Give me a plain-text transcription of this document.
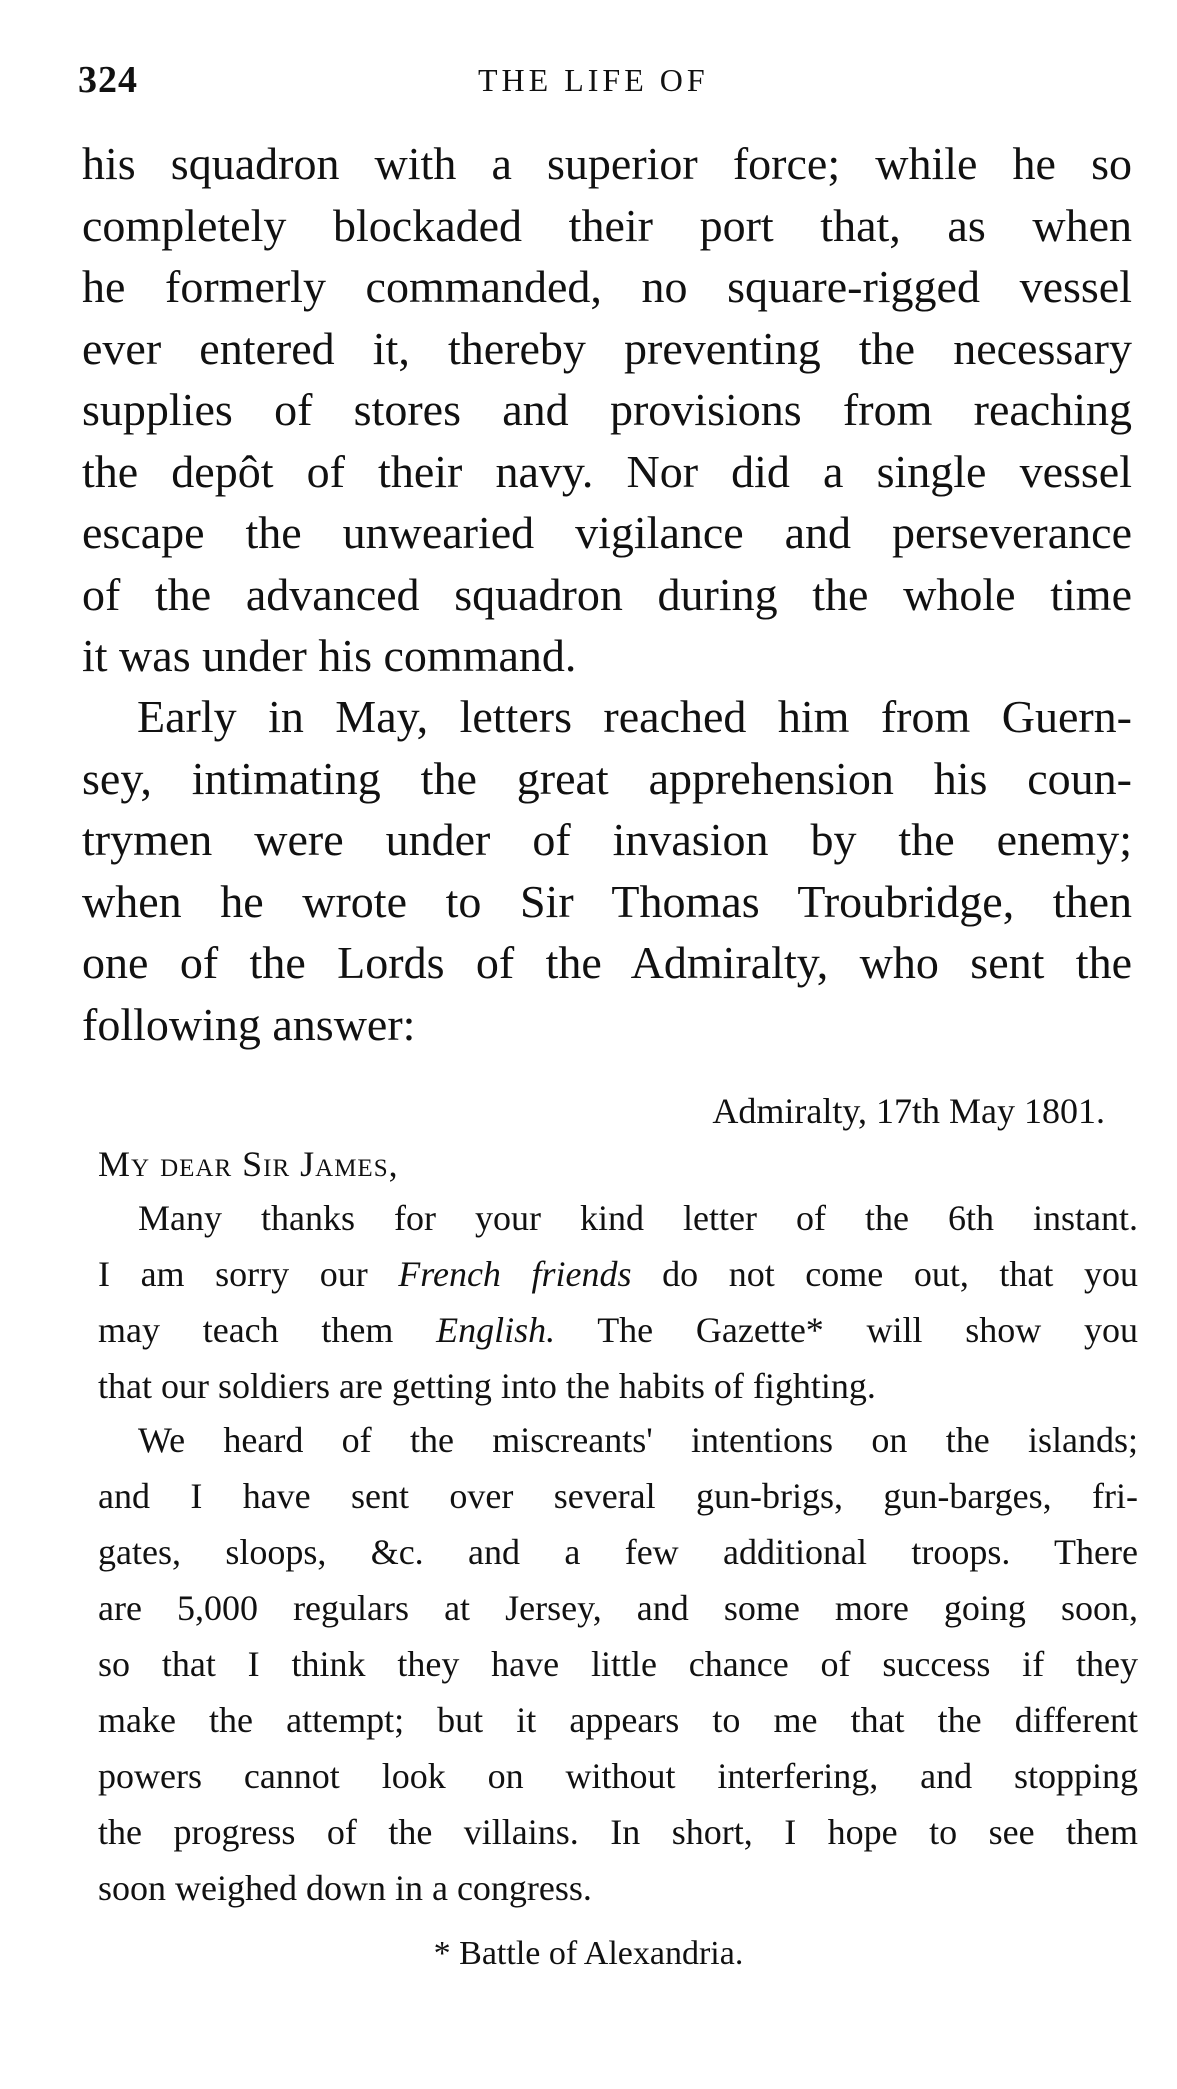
324	THE LIFE OF

his squadron with a superior force; while he so

completely blockaded their port that, as when

he formerly commanded, no square-rigged vessel

ever entered it, thereby preventing the necessary

supplies of stores and provisions from reaching

the depôt of their navy. Nor did a single vessel

escape the unwearied vigilance and perseverance

of the advanced squadron during the whole time

it was under his command.

Early in May, letters reached him from Guern-

sey, intimating the great apprehension his coun-

trymen were under of invasion by the enemy;

when he wrote to Sir Thomas Troubridge, then

one of the Lords of the Admiralty, who sent the

following answer:

Admiralty, 17th May 1801.
My dear Sir James,

Many thanks for your kind letter of the 6th instant.

I am sorry our French friends do not come out, that you

may teach them English. The Gazette* will show you

that our soldiers are getting into the habits of fighting.

We heard of the miscreants' intentions on the islands;

and I have sent over several gun-brigs, gun-barges, fri-

gates, sloops, &c. and a few additional troops. There

are 5,000 regulars at Jersey, and some more going soon,

so that I think they have little chance of success if they

make the attempt; but it appears to me that the different

powers cannot look on without interfering, and stopping

the progress of the villains. In short, I hope to see them

soon weighed down in a congress.

* Battle of Alexandria.
